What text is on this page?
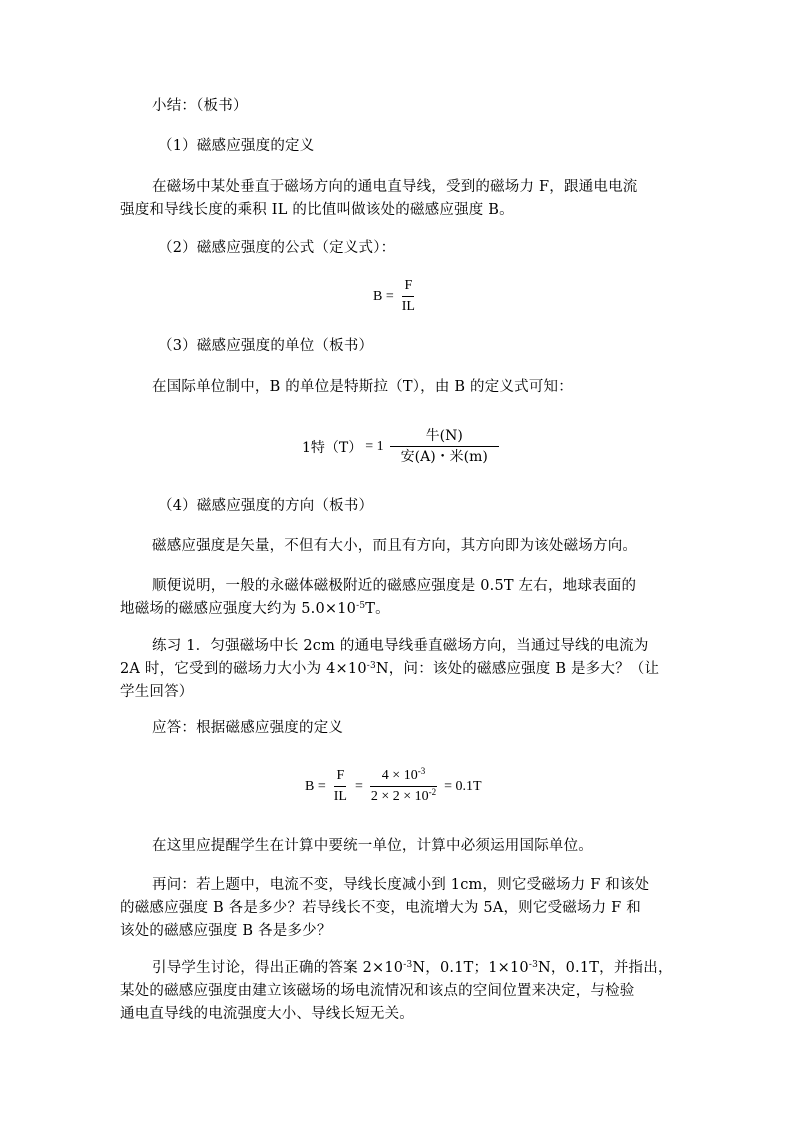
小结：（板书）
（1）磁感应强度的定义
在磁场中某处垂直于磁场方向的通电直导线，受到的磁场力 F，跟通电电流
强度和导线长度的乘积 IL 的比值叫做该处的磁感应强度 B。
（2）磁感应强度的公式（定义式）：
$B = \frac{F}{IL}$
（3）磁感应强度的单位（板书）
在国际单位制中，B 的单位是特斯拉（T），由 B 的定义式可知：
1特$(T) = 1 \frac{\text{牛(N)}}{\text{安(A)・米(m)}}$
（4）磁感应强度的方向（板书）
磁感应强度是矢量，不但有大小，而且有方向，其方向即为该处磁场方向。
顺便说明，一般的永磁体磁极附近的磁感应强度是 0.5T 左右，地球表面的
地磁场的磁感应强度大约为 $5.0\times 10^{-5}T$。
练习 1．匀强磁场中长 2cm 的通电导线垂直磁场方向，当通过导线的电流为
2A 时，它受到的磁场力大小为 $4\times 10^{-3}N$，问：该处的磁感应强度 B 是多大？（让
学生回答）
应答：根据磁感应强度的定义
$B = \frac{F}{IL} = \frac{4 \times 10^{-3}}{2 \times 2 \times 10^{-2}} = 0.1T$
在这里应提醒学生在计算中要统一单位，计算中必须运用国际单位。
再问：若上题中，电流不变，导线长度减小到 1cm，则它受磁场力 F 和该处
的磁感应强度 B 各是多少？若导线长不变，电流增大为 5A，则它受磁场力 F 和
该处的磁感应强度 B 各是多少？
引导学生讨论，得出正确的答案 $2\times 10^{-3}N$，0.1T；$1\times 10^{-3}N$，0.1T，并指出，
某处的磁感应强度由建立该磁场的场电流情况和该点的空间位置来决定，与检验
通电直导线的电流强度大小、导线长短无关。
